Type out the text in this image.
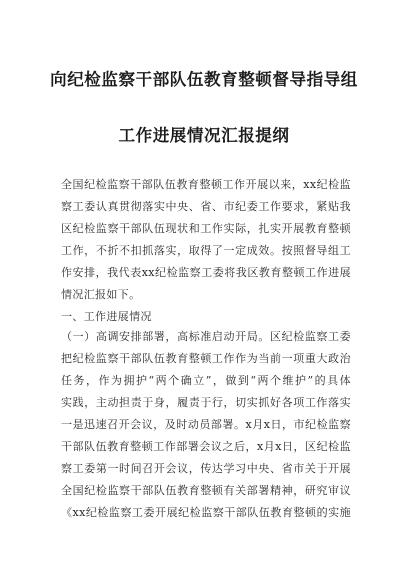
向纪检监察干部队伍教育整顿督导指导组
工作进展情况汇报提纲
全国纪检监察干部队伍教育整顿工作开展以来，xx纪检监
察工委认真贯彻落实中央、省、市纪委工作要求，紧贴我
区纪检监察干部队伍现状和工作实际，扎实开展教育整顿
工作，不折不扣抓落实，取得了一定成效。按照督导组工
作安排，我代表xx纪检监察工委将我区教育整顿工作进展
情况汇报如下。
一、工作进展情况
（一）高调安排部署，高标准启动开局。区纪检监察工委
把纪检监察干部队伍教育整顿工作作为当前一项重大政治
任务，作为拥护“两个确立”，做到“两个维护”的具体
实践，主动担责于身，履责于行，切实抓好各项工作落实
一是迅速召开会议，及时动员部署。x月x日，市纪检监察
干部队伍教育整顿工作部署会议之后，x月x日，区纪检监
察工委第一时间召开会议，传达学习中央、省市关于开展
全国纪检监察干部队伍教育整顿有关部署精神，研究审议
《xx纪检监察工委开展纪检监察干部队伍教育整顿的实施
